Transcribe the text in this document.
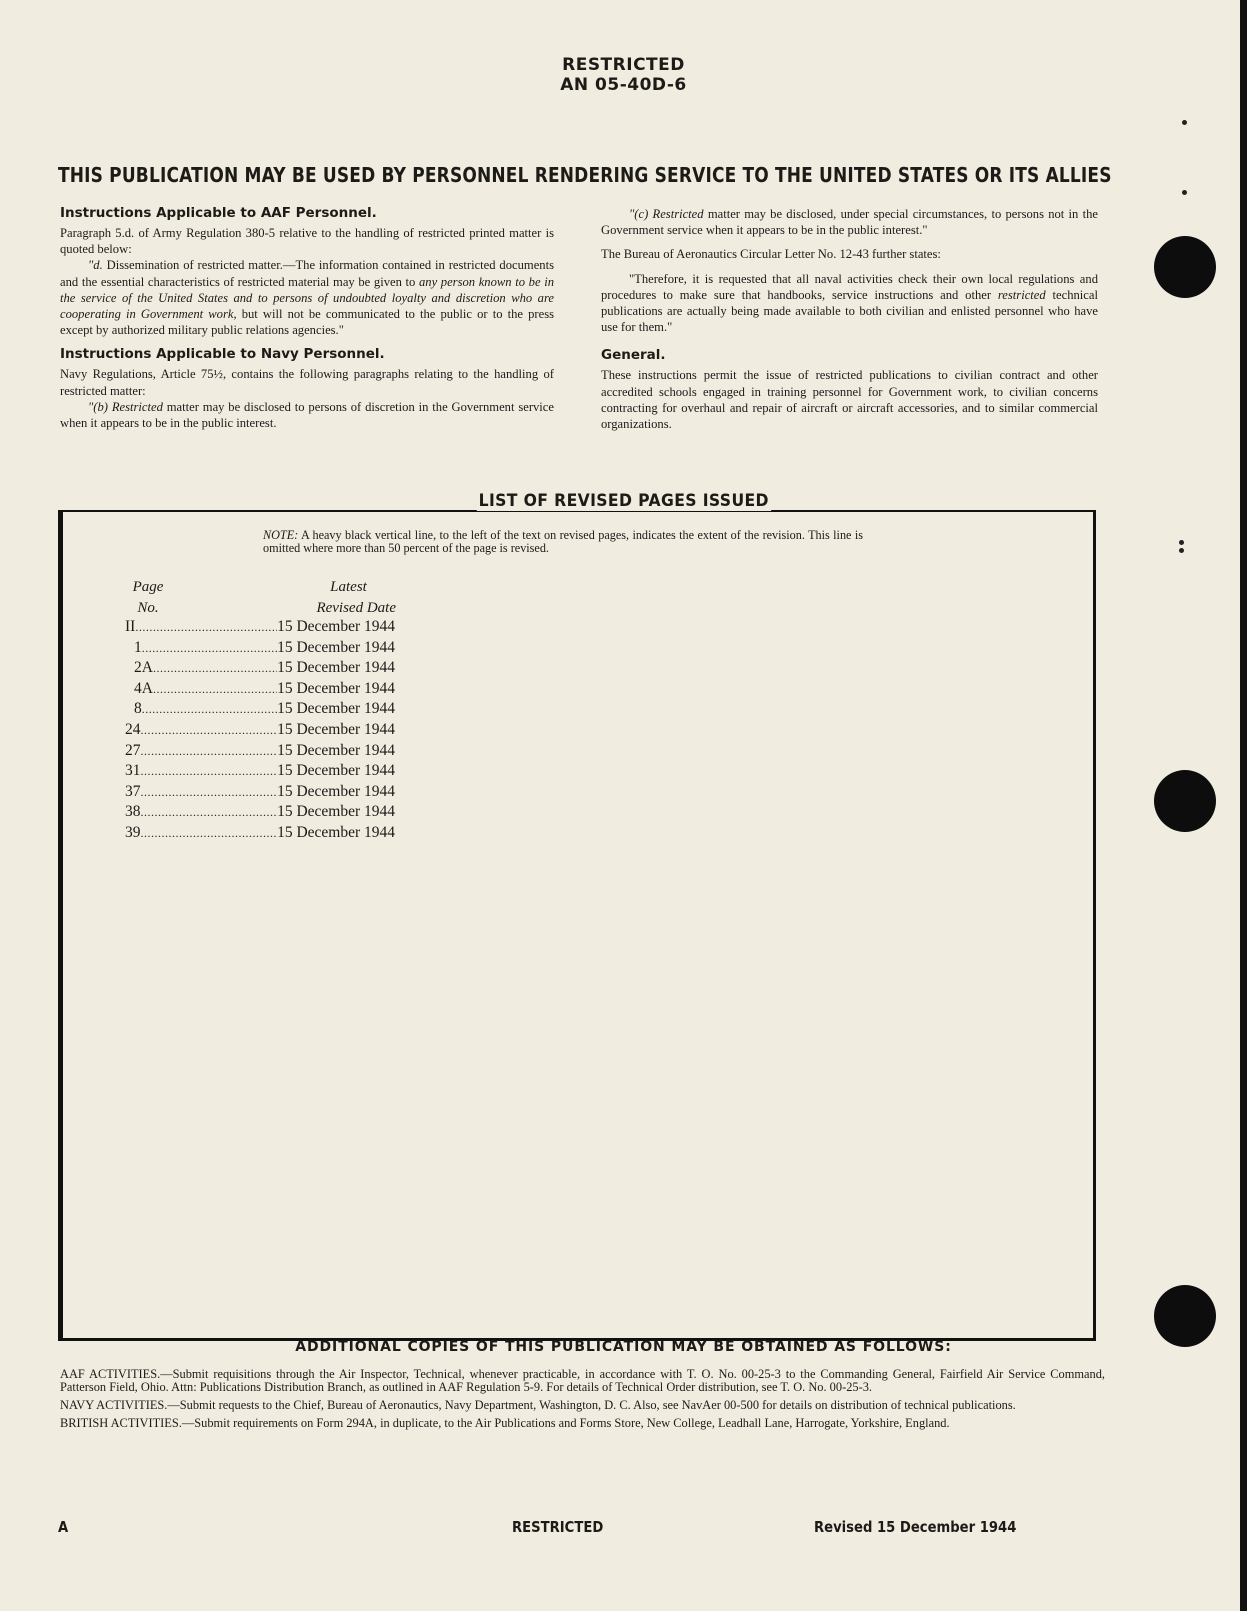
RESTRICTED
AN 05-40D-6
THIS PUBLICATION MAY BE USED BY PERSONNEL RENDERING SERVICE TO THE UNITED STATES OR ITS ALLIES
Instructions Applicable to AAF Personnel.

Paragraph 5.d. of Army Regulation 380-5 relative to the handling of restricted printed matter is quoted below:

"d. Dissemination of restricted matter.—The information contained in restricted documents and the essential characteristics of restricted material may be given to any person known to be in the service of the United States and to persons of undoubted loyalty and discretion who are cooperating in Government work, but will not be communicated to the public or to the press except by authorized military public relations agencies."

Instructions Applicable to Navy Personnel.

Navy Regulations, Article 75½, contains the following paragraphs relating to the handling of restricted matter:

"(b) Restricted matter may be disclosed to persons of discretion in the Government service when it appears to be in the public interest.

"(c) Restricted matter may be disclosed, under special circumstances, to persons not in the Government service when it appears to be in the public interest."

The Bureau of Aeronautics Circular Letter No. 12-43 further states:

"Therefore, it is requested that all naval activities check their own local regulations and procedures to make sure that handbooks, service instructions and other restricted technical publications are actually being made available to both civilian and enlisted personnel who have use for them."

General.

These instructions permit the issue of restricted publications to civilian contract and other accredited schools engaged in training personnel for Government work, to civilian concerns contracting for overhaul and repair of aircraft or aircraft accessories, and to similar commercial organizations.

LIST OF REVISED PAGES ISSUED
NOTE: A heavy black vertical line, to the left of the text on revised pages, indicates the extent of the revision. This line is omitted where more than 50 percent of the page is revised.
Page
No.
Latest
Revised Date
II .....	15 December 1944
1 .....	15 December 1944
2A .....	15 December 1944
4A .....	15 December 1944
8 .....	15 December 1944
24 .....	15 December 1944
27 .....	15 December 1944
31 .....	15 December 1944
37 .....	15 December 1944
38 .....	15 December 1944
39 .....	15 December 1944
ADDITIONAL COPIES OF THIS PUBLICATION MAY BE OBTAINED AS FOLLOWS:

AAF ACTIVITIES.—Submit requisitions through the Air Inspector, Technical, whenever practicable, in accordance with T. O. No. 00-25-3 to the Commanding General, Fairfield Air Service Command, Patterson Field, Ohio. Attn: Publications Distribution Branch, as outlined in AAF Regulation 5-9. For details of Technical Order distribution, see T. O. No. 00-25-3.

NAVY ACTIVITIES.—Submit requests to the Chief, Bureau of Aeronautics, Navy Department, Washington, D. C. Also, see NavAer 00-500 for details on distribution of technical publications.

BRITISH ACTIVITIES.—Submit requirements on Form 294A, in duplicate, to the Air Publications and Forms Store, New College, Leadhall Lane, Harrogate, Yorkshire, England.

A	RESTRICTED	Revised 15 December 1944
